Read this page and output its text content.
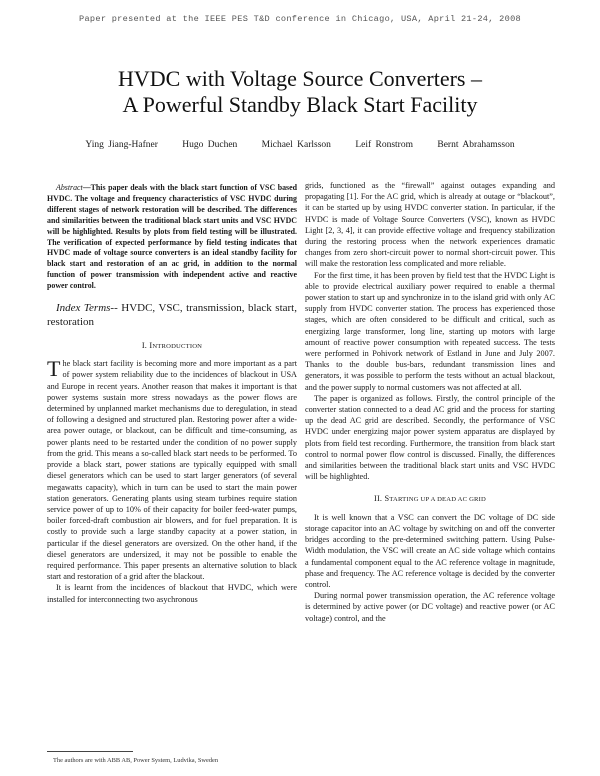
Paper presented at the IEEE PES T&D conference in Chicago, USA, April 21-24, 2008
HVDC with Voltage Source Converters –
A Powerful Standby Black Start Facility
Ying Jiang-Hafner	Hugo Duchen	Michael Karlsson	Leif Ronstrom	Bernt Abrahamsson

Abstract—This paper deals with the black start function of VSC based HVDC. The voltage and frequency characteristics of VSC HVDC during different stages of network restoration will be described. The differences and similarities between the traditional black start units and VSC HVDC will be highlighted. Results by plots from field testing will be illustrated. The verification of expected performance by field testing indicates that HVDC made of voltage source converters is an ideal standby facility for black start and restoration of an ac grid, in addition to the normal function of power transmission with independent active and reactive power control.

Index Terms-- HVDC, VSC, transmission, black start, restoration

I. INTRODUCTION

The black start facility is becoming more and more important as a part of power system reliability due to the incidences of blackout in USA and Europe in recent years. Another reason that makes it important is that power systems sustain more stress nowadays as the power flows are determined by unplanned market mechanisms due to deregulation, in stead of following a designed and structured plan. Restoring power after a wide-area power outage, or blackout, can be difficult and time-consuming, as power plants need to be restarted under the condition of no power supply from the grid. This means a so-called black start needs to be performed. To provide a black start, power stations are typically equipped with small diesel generators which can be used to start larger generators (of several megawatts capacity), which in turn can be used to start the main power station generators. Generating plants using steam turbines require station service power of up to 10% of their capacity for boiler feed-water pumps, boiler forced-draft combustion air blowers, and for fuel preparation. It is costly to provide such a large standby capacity at a power station, in particular if the diesel generators are oversized. On the other hand, if the diesel generators are undersized, it may not be possible to enable the required performance. This paper presents an alternative solution to black start and restoration of a grid after the blackout.

It is learnt from the incidences of blackout that HVDC, which were installed for interconnecting two asychronous

grids, functioned as the “firewall” against outages expanding and propagating [1]. For the AC grid, which is already at outage or “blackout”, it can be started up by using HVDC converter station. In particular, if the HVDC is made of Voltage Source Converters (VSC), known as HVDC Light [2, 3, 4], it can provide effective voltage and frequency stabilization during the restoring process when the network experiences dramatic changes from zero short-circuit power to normal short-circuit power. This will make the restoration less complicated and more reliable.

For the first time, it has been proven by field test that the HVDC Light is able to provide electrical auxiliary power required to enable a thermal power station to start up and synchronize in to the island grid with only AC supply from HVDC converter station. The process has experienced those stages, which are often considered to be difficult and critical, such as energizing large transformer, long line, starting up motors with large amount of reactive power consumption with repeated success. The tests were performed in Pohivork network of Estland in June and July 2007. Thanks to the double bus-bars, redundant transmission lines and generators, it was possible to perform the tests without an actual blackout, and the power supply to normal customers was not affected at all.

The paper is organized as follows. Firstly, the control principle of the converter station connected to a dead AC grid and the process for starting up the dead AC grid are described. Secondly, the performance of VSC HVDC under energizing major power system apparatus are displayed by plots from field test recording. Furthermore, the transition from black start control to normal power flow control is discussed. Finally, the differences and similarities between the traditional black start units and VSC HVDC will be highlighted.

II. STARTING UP A DEAD AC GRID

It is well known that a VSC can convert the DC voltage of DC side storage capacitor into an AC voltage by switching on and off the converter bridges according to the pre-determined switching pattern. Using Pulse-Width modulation, the VSC will create an AC side voltage which contains a fundamental component equal to the AC reference voltage in magnitude, phase and frequency. The AC reference voltage is decided by the converter control.

During normal power transmission operation, the AC reference voltage is determined by active power (or DC voltage) and reactive power (or AC voltage) control, and the

The authors are with ABB AB, Power System, Ludvika, Sweden
